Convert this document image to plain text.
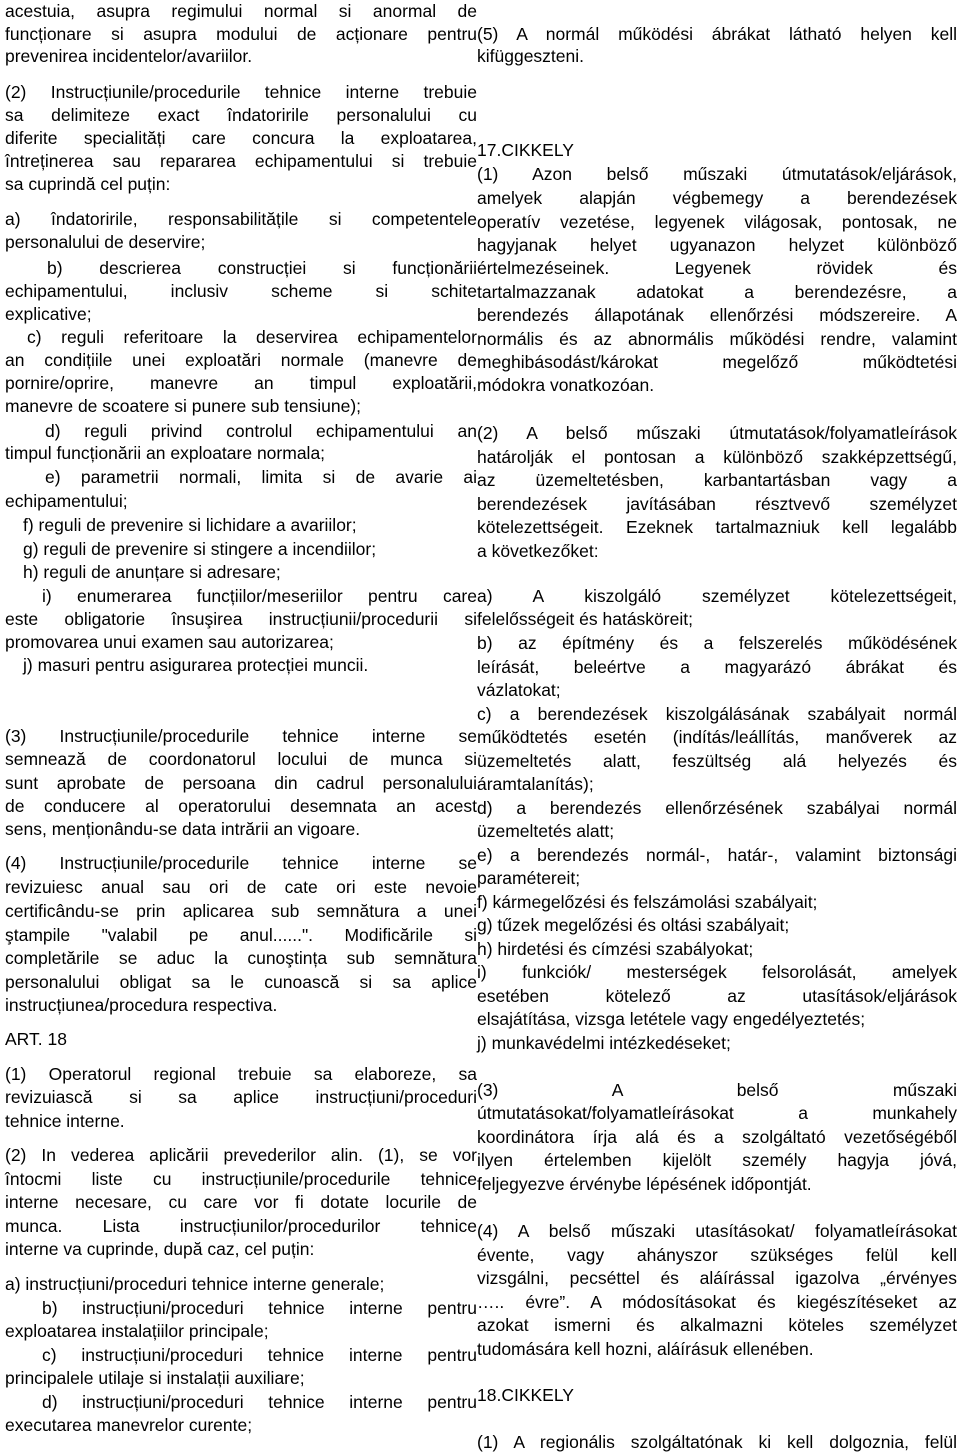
acestuia, asupra regimului normal si anormal de
funcționare si asupra modului de acționare pentru
prevenirea incidentelor/avariilor.
(2) Instrucțiunile/procedurile tehnice interne trebuie
sa delimiteze exact îndatoririle personalului cu
diferite specialități care concura la exploatarea,
întreținerea sau repararea echipamentului si trebuie
sa cuprindă cel puțin:
a) îndatoririle, responsabilitățile si competentele
personalului de deservire;
b) descrierea construcției si funcționării
echipamentului, inclusiv scheme si schite
explicative;
c) reguli referitoare la deservirea echipamentelor
an condițiile unei exploatări normale (manevre de
pornire/oprire, manevre an timpul exploatării,
manevre de scoatere si punere sub tensiune);
d) reguli privind controlul echipamentului an
timpul funcționării an exploatare normala;
e) parametrii normali, limita si de avarie ai
echipamentului;
f) reguli de prevenire si lichidare a avariilor;
g) reguli de prevenire si stingere a incendiilor;
h) reguli de anunțare si adresare;
i) enumerarea funcțiilor/meseriilor pentru care
este obligatorie însuşirea instrucțiunii/procedurii si
promovarea unui examen sau autorizarea;
j) masuri pentru asigurarea protecției muncii.
(3) Instrucțiunile/procedurile tehnice interne se
semnează de coordonatorul locului de munca si
sunt aprobate de persoana din cadrul personalului
de conducere al operatorului desemnata an acest
sens, menționându-se data intrării an vigoare.
(4) Instrucțiunile/procedurile tehnice interne se
revizuiesc anual sau ori de cate ori este nevoie
certificându-se prin aplicarea sub semnătura a unei
ştampile "valabil pe anul......". Modificările si
completările se aduc la cunoştința sub semnătura
personalului obligat sa le cunoască si sa aplice
instrucțiunea/procedura respectiva.
ART. 18
(1) Operatorul regional trebuie sa elaboreze, sa
revizuiască si sa aplice instrucțiuni/proceduri
tehnice interne.
(2) In vederea aplicării prevederilor alin. (1), se vor
întocmi liste cu instrucțiunile/procedurile tehnice
interne necesare, cu care vor fi dotate locurile de
munca. Lista instrucțiunilor/procedurilor tehnice
interne va cuprinde, după caz, cel puțin:
a) instrucțiuni/proceduri tehnice interne generale;
b) instrucțiuni/proceduri tehnice interne pentru
exploatarea instalațiilor principale;
c) instrucțiuni/proceduri tehnice interne pentru
principalele utilaje si instalații auxiliare;
d) instrucțiuni/proceduri tehnice interne pentru
executarea manevrelor curente;
(5) A normál működési ábrákat látható helyen kell
kifüggeszteni.
17.CIKKELY
(1) Azon belső műszaki útmutatások/eljárások,
amelyek alapján végbemegy a berendezések
operatív vezetése, legyenek világosak, pontosak, ne
hagyjanak helyet ugyanazon helyzet különböző
értelmezéseinek. Legyenek rövidek és
tartalmazzanak adatokat a berendezésre, a
berendezés állapotának ellenőrzési módszereire. A
normális és az abnormális működési rendre, valamint
meghibásodást/károkat megelőző működtetési
módokra vonatkozóan.
(2) A belső műszaki útmutatások/folyamatleírások
határolják el pontosan a különböző szakképzettségű,
az üzemeltetésben, karbantartásban vagy a
berendezések javításában résztvevő személyzet
kötelezettségeit. Ezeknek tartalmazniuk kell legalább
a következőket:
a) A kiszolgáló személyzet kötelezettségeit,
felelősségeit és hatásköreit;
b) az építmény és a felszerelés működésének
leírását, beleértve a magyarázó ábrákat és
vázlatokat;
c) a berendezések kiszolgálásának szabályait normál
működtetés esetén (indítás/leállítás, manőverek az
üzemeltetés alatt, feszültség alá helyezés és
áramtalanítás);
d) a berendezés ellenőrzésének szabályai normál
üzemeltetés alatt;
e) a berendezés normál-, határ-, valamint biztonsági
paramétereit;
f) kármegelőzési és felszámolási szabályait;
g) tűzek megelőzési és oltási szabályait;
h) hirdetési és címzési szabályokat;
i) funkciók/ mesterségek felsorolását, amelyek
esetében kötelező az utasítások/eljárások
elsajátítása, vizsga letétele vagy engedélyeztetés;
j) munkavédelmi intézkedéseket;
(3) A belső műszaki
útmutatásokat/folyamatleírásokat a munkahely
koordinátora írja alá és a szolgáltató vezetőségéből
ilyen értelemben kijelölt személy hagyja jóvá,
feljegyezve érvénybe lépésének időpontját.
(4) A belső műszaki utasításokat/ folyamatleírásokat
évente, vagy ahányszor szükséges felül kell
vizsgálni, pecséttel és aláírással igazolva „érvényes
….. évre”. A módosításokat és kiegészítéseket az
azokat ismerni és alkalmazni köteles személyzet
tudomására kell hozni, aláírásuk ellenében.
18.CIKKELY
(1) A regionális szolgáltatónak ki kell dolgoznia, felül
